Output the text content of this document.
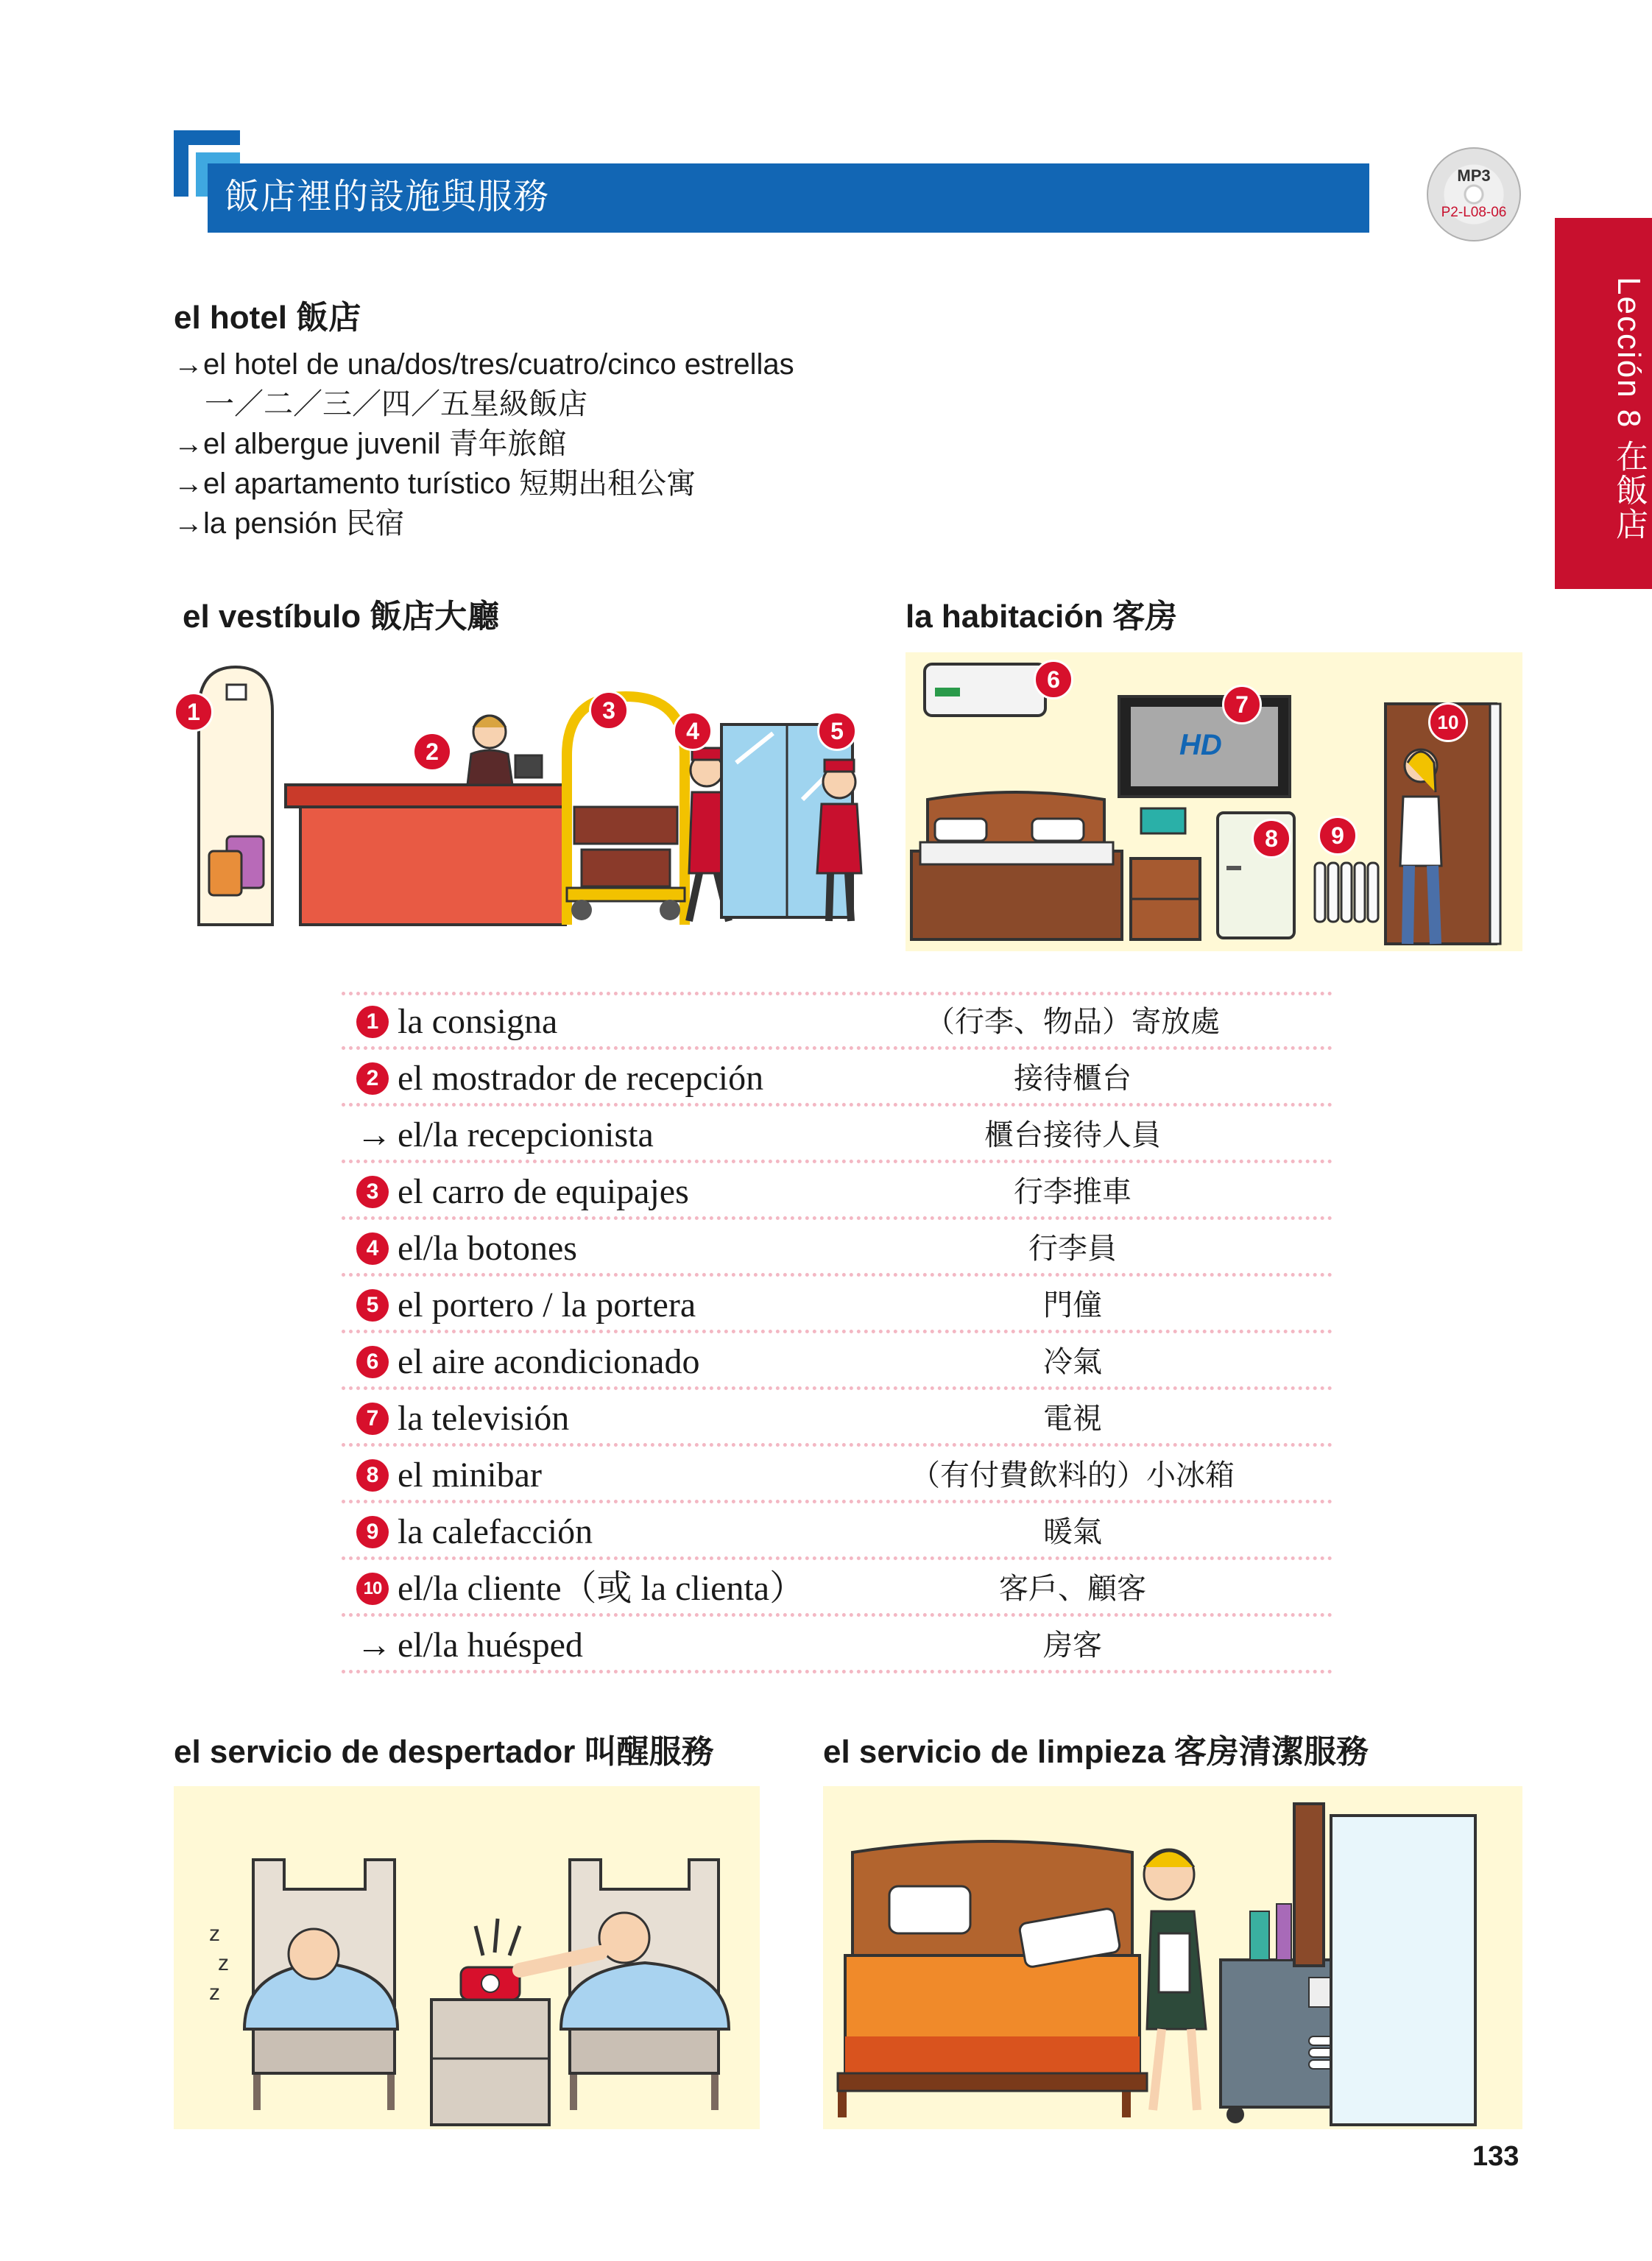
飯店裡的設施與服務
MP3
P2-L08-06
Lección 8 在飯店
el hotel 飯店
→el hotel de una/dos/tres/cuatro/cinco estrellas
一／二／三／四／五星級飯店
→el albergue juvenil 青年旅館
→el apartamento turístico 短期出租公寓
→la pensión 民宿
el vestíbulo 飯店大廳	la habitación 客房
1
2
3
4	5	HD
6
7
8	9
10
1 la consigna	（行李、物品）寄放處
2 el mostrador de recepción	接待櫃台
→ el/la recepcionista	櫃台接待人員
3 el carro de equipajes	行李推車
4 el/la botones	行李員
5 el portero / la portera	門僮
6 el aire acondicionado	冷氣
7 la televisión	電視
8 el minibar	（有付費飲料的）小冰箱
9 la calefacción	暖氣
10 el/la cliente（或 la clienta）	客戶、顧客
→ el/la huésped	房客
el servicio de despertador 叫醒服務	el servicio de limpieza 客房清潔服務
z
z
z
133
